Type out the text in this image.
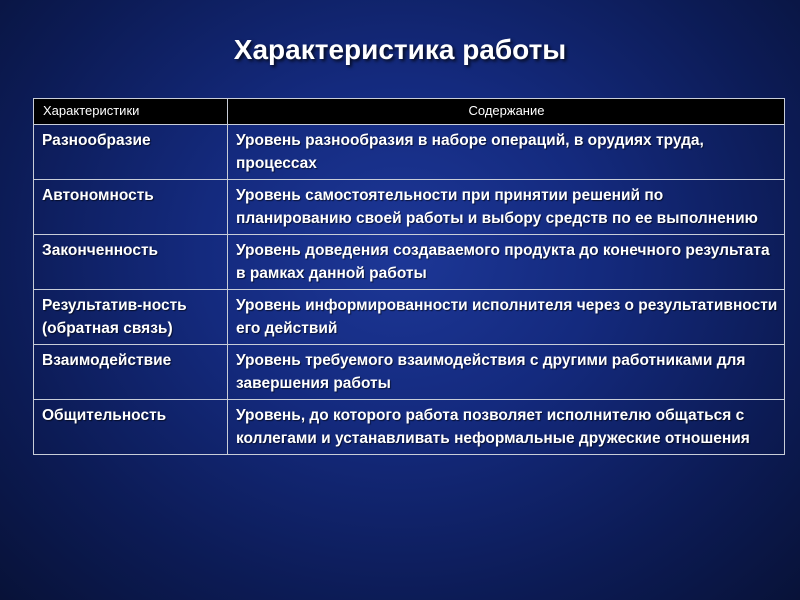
Характеристика работы
Характеристики	Содержание
Разнообразие	Уровень разнообразия в наборе операций, в орудиях труда, процессах
Автономность	Уровень самостоятельности при принятии решений по планированию своей работы и выбору средств по ее выполнению
Законченность	Уровень доведения создаваемого продукта до конечного результата в рамках данной работы
Результатив-ность (обратная связь)	Уровень информированности исполнителя через о результативности его действий
Взаимодействие	Уровень требуемого взаимодействия с другими работниками для завершения работы
Общительность	Уровень, до которого работа позволяет исполнителю общаться с коллегами и устанавливать неформальные дружеские отношения
